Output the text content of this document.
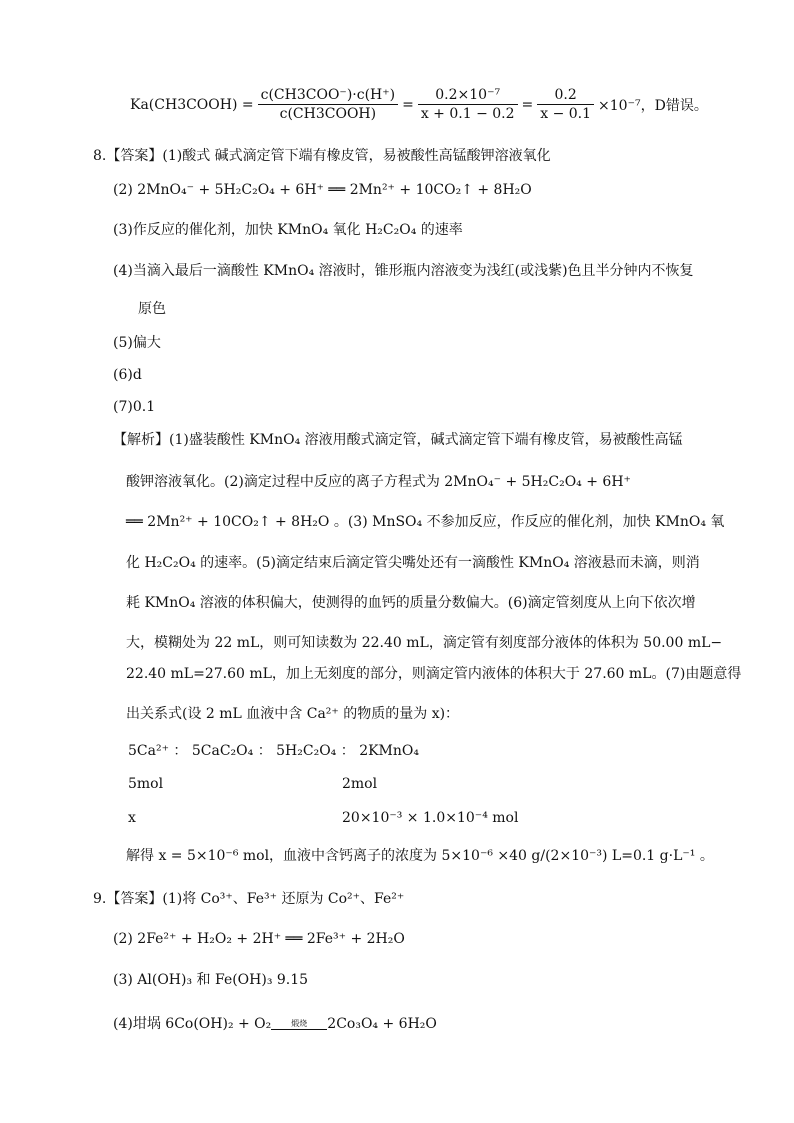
Ka(CH3COOH) = $\frac{\text{c(CH3COO⁻)·c(H⁺)}}{\text{c(CH3COOH)}} = \frac{\text{0.2×10⁻⁷}}{x + 0.1 - 0.2} = \frac{0.2}{x - 0.1} \times 10^{-7}$，D错误。
8.【答案】(1)酸式 碱式滴定管下端有橡皮管，易被酸性高锰酸钾溶液氧化
(2) 2MnO₄⁻ + 5H₂C₂O₄ + 6H⁺ ══ 2Mn²⁺ + 10CO₂↑ + 8H₂O
(3)作反应的催化剂，加快 KMnO₄ 氧化 H₂C₂O₄ 的速率
(4)当滴入最后一滴酸性 KMnO₄ 溶液时，锥形瓶内溶液变为浅红(或浅紫)色且半分钟内不恢复
原色
(5)偏大
(6)d
(7)0.1
【解析】(1)盛装酸性 KMnO₄ 溶液用酸式滴定管，碱式滴定管下端有橡皮管，易被酸性高锰
酸钾溶液氧化。(2)滴定过程中反应的离子方程式为 2MnO₄⁻ + 5H₂C₂O₄ + 6H⁺
══ 2Mn²⁺ + 10CO₂↑ + 8H₂O 。(3) MnSO₄ 不参加反应，作反应的催化剂，加快 KMnO₄ 氧
化 H₂C₂O₄ 的速率。(5)滴定结束后滴定管尖嘴处还有一滴酸性 KMnO₄ 溶液悬而未滴，则消
耗 KMnO₄ 溶液的体积偏大，使测得的血钙的质量分数偏大。(6)滴定管刻度从上向下依次增
大，模糊处为 22 mL，则可知读数为 22.40 mL，滴定管有刻度部分液体的体积为 50.00 mL−
22.40 mL=27.60 mL，加上无刻度的部分，则滴定管内液体的体积大于 27.60 mL。(7)由题意得
出关系式(设 2 mL 血液中含 Ca²⁺ 的物质的量为 x)：
5Ca²⁺ ： 5CaC₂O₄ ： 5H₂C₂O₄ ： 2KMnO₄
5mol	2mol
x	20×10⁻³ × 1.0×10⁻⁴ mol
解得 x = 5×10⁻⁶ mol，血液中含钙离子的浓度为 5×10⁻⁶ ×40 g/(2×10⁻³) L=0.1 g·L⁻¹ 。
9.【答案】(1)将 Co³⁺、Fe³⁺ 还原为 Co²⁺、Fe²⁺
(2) 2Fe²⁺ + H₂O₂ + 2H⁺ ══ 2Fe³⁺ + 2H₂O
(3) Al(OH)₃ 和 Fe(OH)₃ 9.15
(4)坩埚 6Co(OH)₂ + O₂	煅烧	2Co₃O₄ + 6H₂O
